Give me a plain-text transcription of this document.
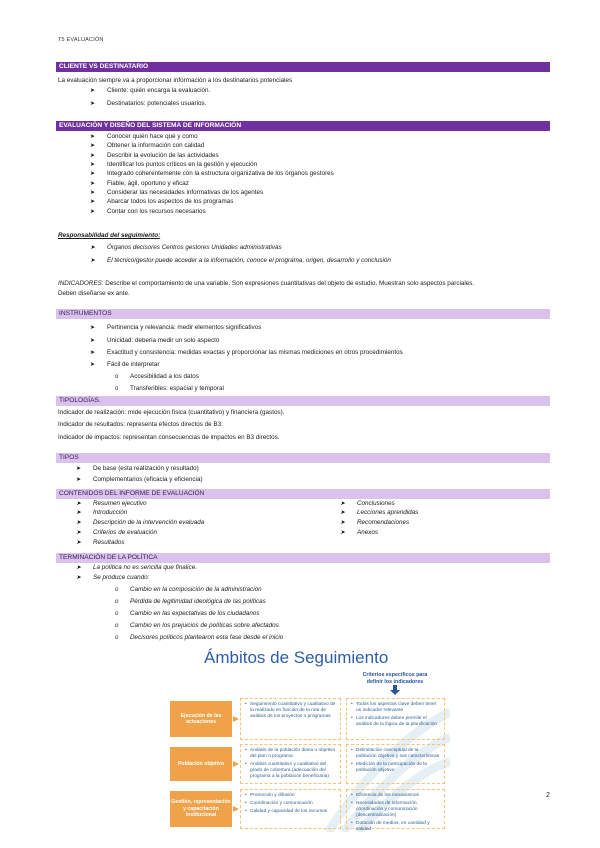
T5 EVALUACIÓN
CLIENTE VS DESTINATARIO
La evaluación siempre va a proporcionar información a los destinatarios potenciales
➤ Cliente: quién encarga la evaluación.
➤ Destinatarios: potenciales usuarios.
EVALUACIÓN Y DISEÑO DEL SISTEMA DE INFORMACIÓN
➤ Conocer quién hace qué y como
➤ Obtener la información con calidad
➤ Describir la evolución de las actividades
➤ Identificar los puntos críticos en la gestión y ejecución
➤ Integrado coherentemente con la estructura organizativa de los órganos gestores
➤ Fiable, ágil, oportuno y eficaz
➤ Considerar las necesidades informativas de los agentes
➤ Abarcar todos los aspectos de los programas
➤ Contar con los recursos necesarios
Responsabilidad del seguimiento:
➤ Órganos decisores Centros gestores Unidades administrativas
➤ El técnico/gestor puede acceder a la información, conoce el programa, origen, desarrollo y conclusión
INDICADORES: Describe el comportamiento de una variable. Son expresiones cuantitativas del objeto de estudio. Muestran solo aspectos parciales.
Deben diseñarse ex ante.
INSTRUMENTOS
➤ Pertinencia y relevancia: medir elementos significativos
➤ Unicidad: deberia medir un solo aspecto
➤ Exactitud y consistencia: medidas exactas y proporcionar las mismas mediciones en otros procedimientos
➤ Fácil de interpretar
o Accesibilidad a los datos
o Transferibles: espacial y temporal
TIPOLOGÍAS.
Indicador de realización: mide ejecución física (cuantitativo) y financiera (gastos).
Indicador de resultados: representa efectos directos de B3.
Indicador de impactos: representan consecuencias de impactos en B3 directos.
TIPOS
➤ De base (esta realización y resultado)
➤ Complementarios (eficacia y eficiencia)
CONTENIDOS DEL INFORME DE EVALUACIÓN
➤ Resumen ejecutivo
➤ Introducción
➤ Descripción de la intervención evaluada
➤ Criterios de evaluación
➤ Resultados
➤ Conclusiones
➤ Lecciones aprendidas
➤ Recomendaciones
➤ Anexos
TERMINACIÓN DE LA POLÍTICA
➤ La política no es sencilla que finalice.
➤ Se produce cuando:
o Cambio en la composición de la administración
o Pérdida de legitimidad ideológica de las políticas
o Cambio en las expectativas de los ciudadanos
o Cambio en los prejuicios de políticas sobre afectados
o Decisores políticos plantearon esta fase desde el inicio
Ámbitos de Seguimiento
Criterios específicos para definir los indicadores
Ejecución de las actuaciones
• Seguimiento cuantitativo y cualitativo de la realizado en función de la ruta de análisis de los proyectos o programas
• Todos los aspectos clave deben tener un indicador relevante
• Los indicadores deben permitir el análisis de la lógica de la planificación
Población objetivo
• Análisis de la población diana u objetivo del plan o programa
• Análisis cuantitativo y cualitativo del grado de cobertura (adecuación del programa a la población beneficiaria)
• Delimitación conceptual de la población objetivo y sus características
• Medición de la participación de la población objetivo
Gestión, representación y capacitación institucional
• Promoción y difusión
• Coordinación y comunicación
• Calidad y capacidad de los recursos
• Eficiencia de los mecanismos
• Necesidades de información, coordinación y comunicación (descentralización)
• Dotación de medios, en cantidad y calidad
2
